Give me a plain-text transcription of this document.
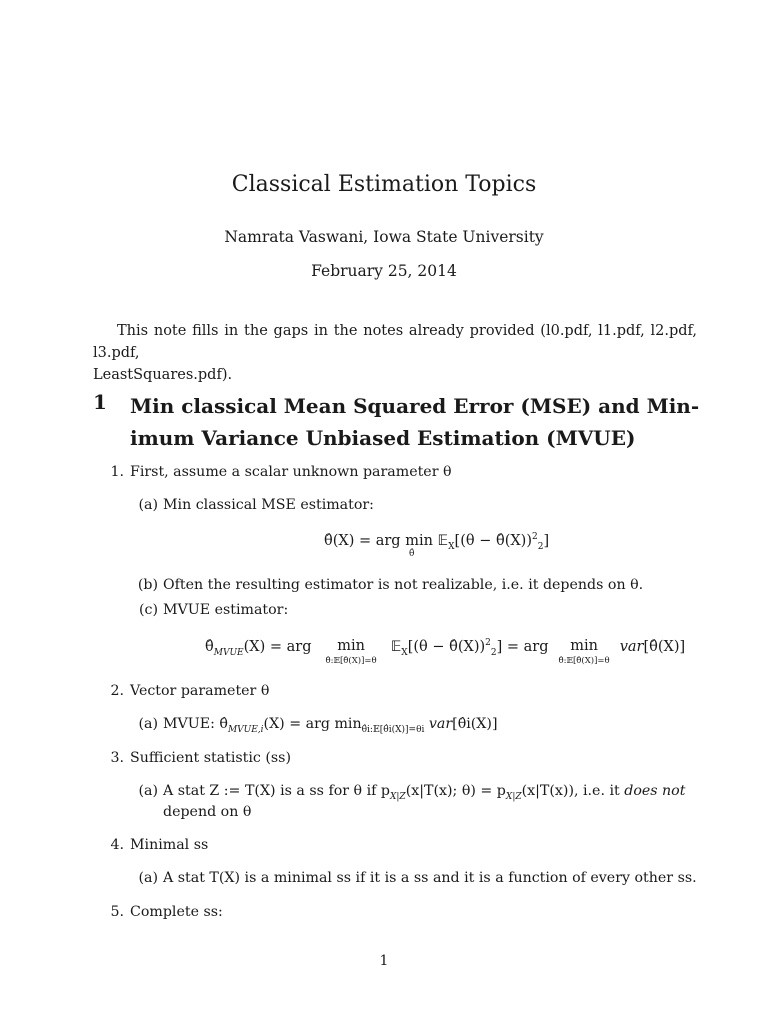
Classical Estimation Topics
Namrata Vaswani, Iowa State University
February 25, 2014
This note fills in the gaps in the notes already provided (l0.pdf, l1.pdf, l2.pdf, l3.pdf,
LeastSquares.pdf).
1 Min classical Mean Squared Error (MSE) and Min-
imum Variance Unbiased Estimation (MVUE)
1. First, assume a scalar unknown parameter θ
(a) Min classical MSE estimator:
θ̂(X) = arg min 𝔼$_X$[(θ − θ̂(X))$^2_2$]
θ̂
(b) Often the resulting estimator is not realizable, i.e. it depends on θ.
(c) MVUE estimator:
$\thetâ_{MVUE}(X)$ = arg	min
θ̂:𝔼[θ̂(X)]=θ
𝔼$_X$[(θ − θ̂(X))$^2_2$] = arg	min
θ̂:𝔼[θ̂(X)]=θ
var[θ̂(X)]
2. Vector parameter θ
(a) MVUE: $\thetâ_{MVUE,i}(X)$ = arg $\min_{\thetâi:𝔼[\thetâi(X)]=\theta i}$ var[θ̂i(X)]
3. Sufficient statistic (ss)
(a) A stat Z := T(X) is a ss for θ if $p_{X|Z}(x|T(x)$; $\theta) = p_{X|Z}(x|T(x))$, i.e. it does not
depend on θ
4. Minimal ss
(a) A stat T(X) is a minimal ss if it is a ss and it is a function of every other ss.
5. Complete ss:
1
